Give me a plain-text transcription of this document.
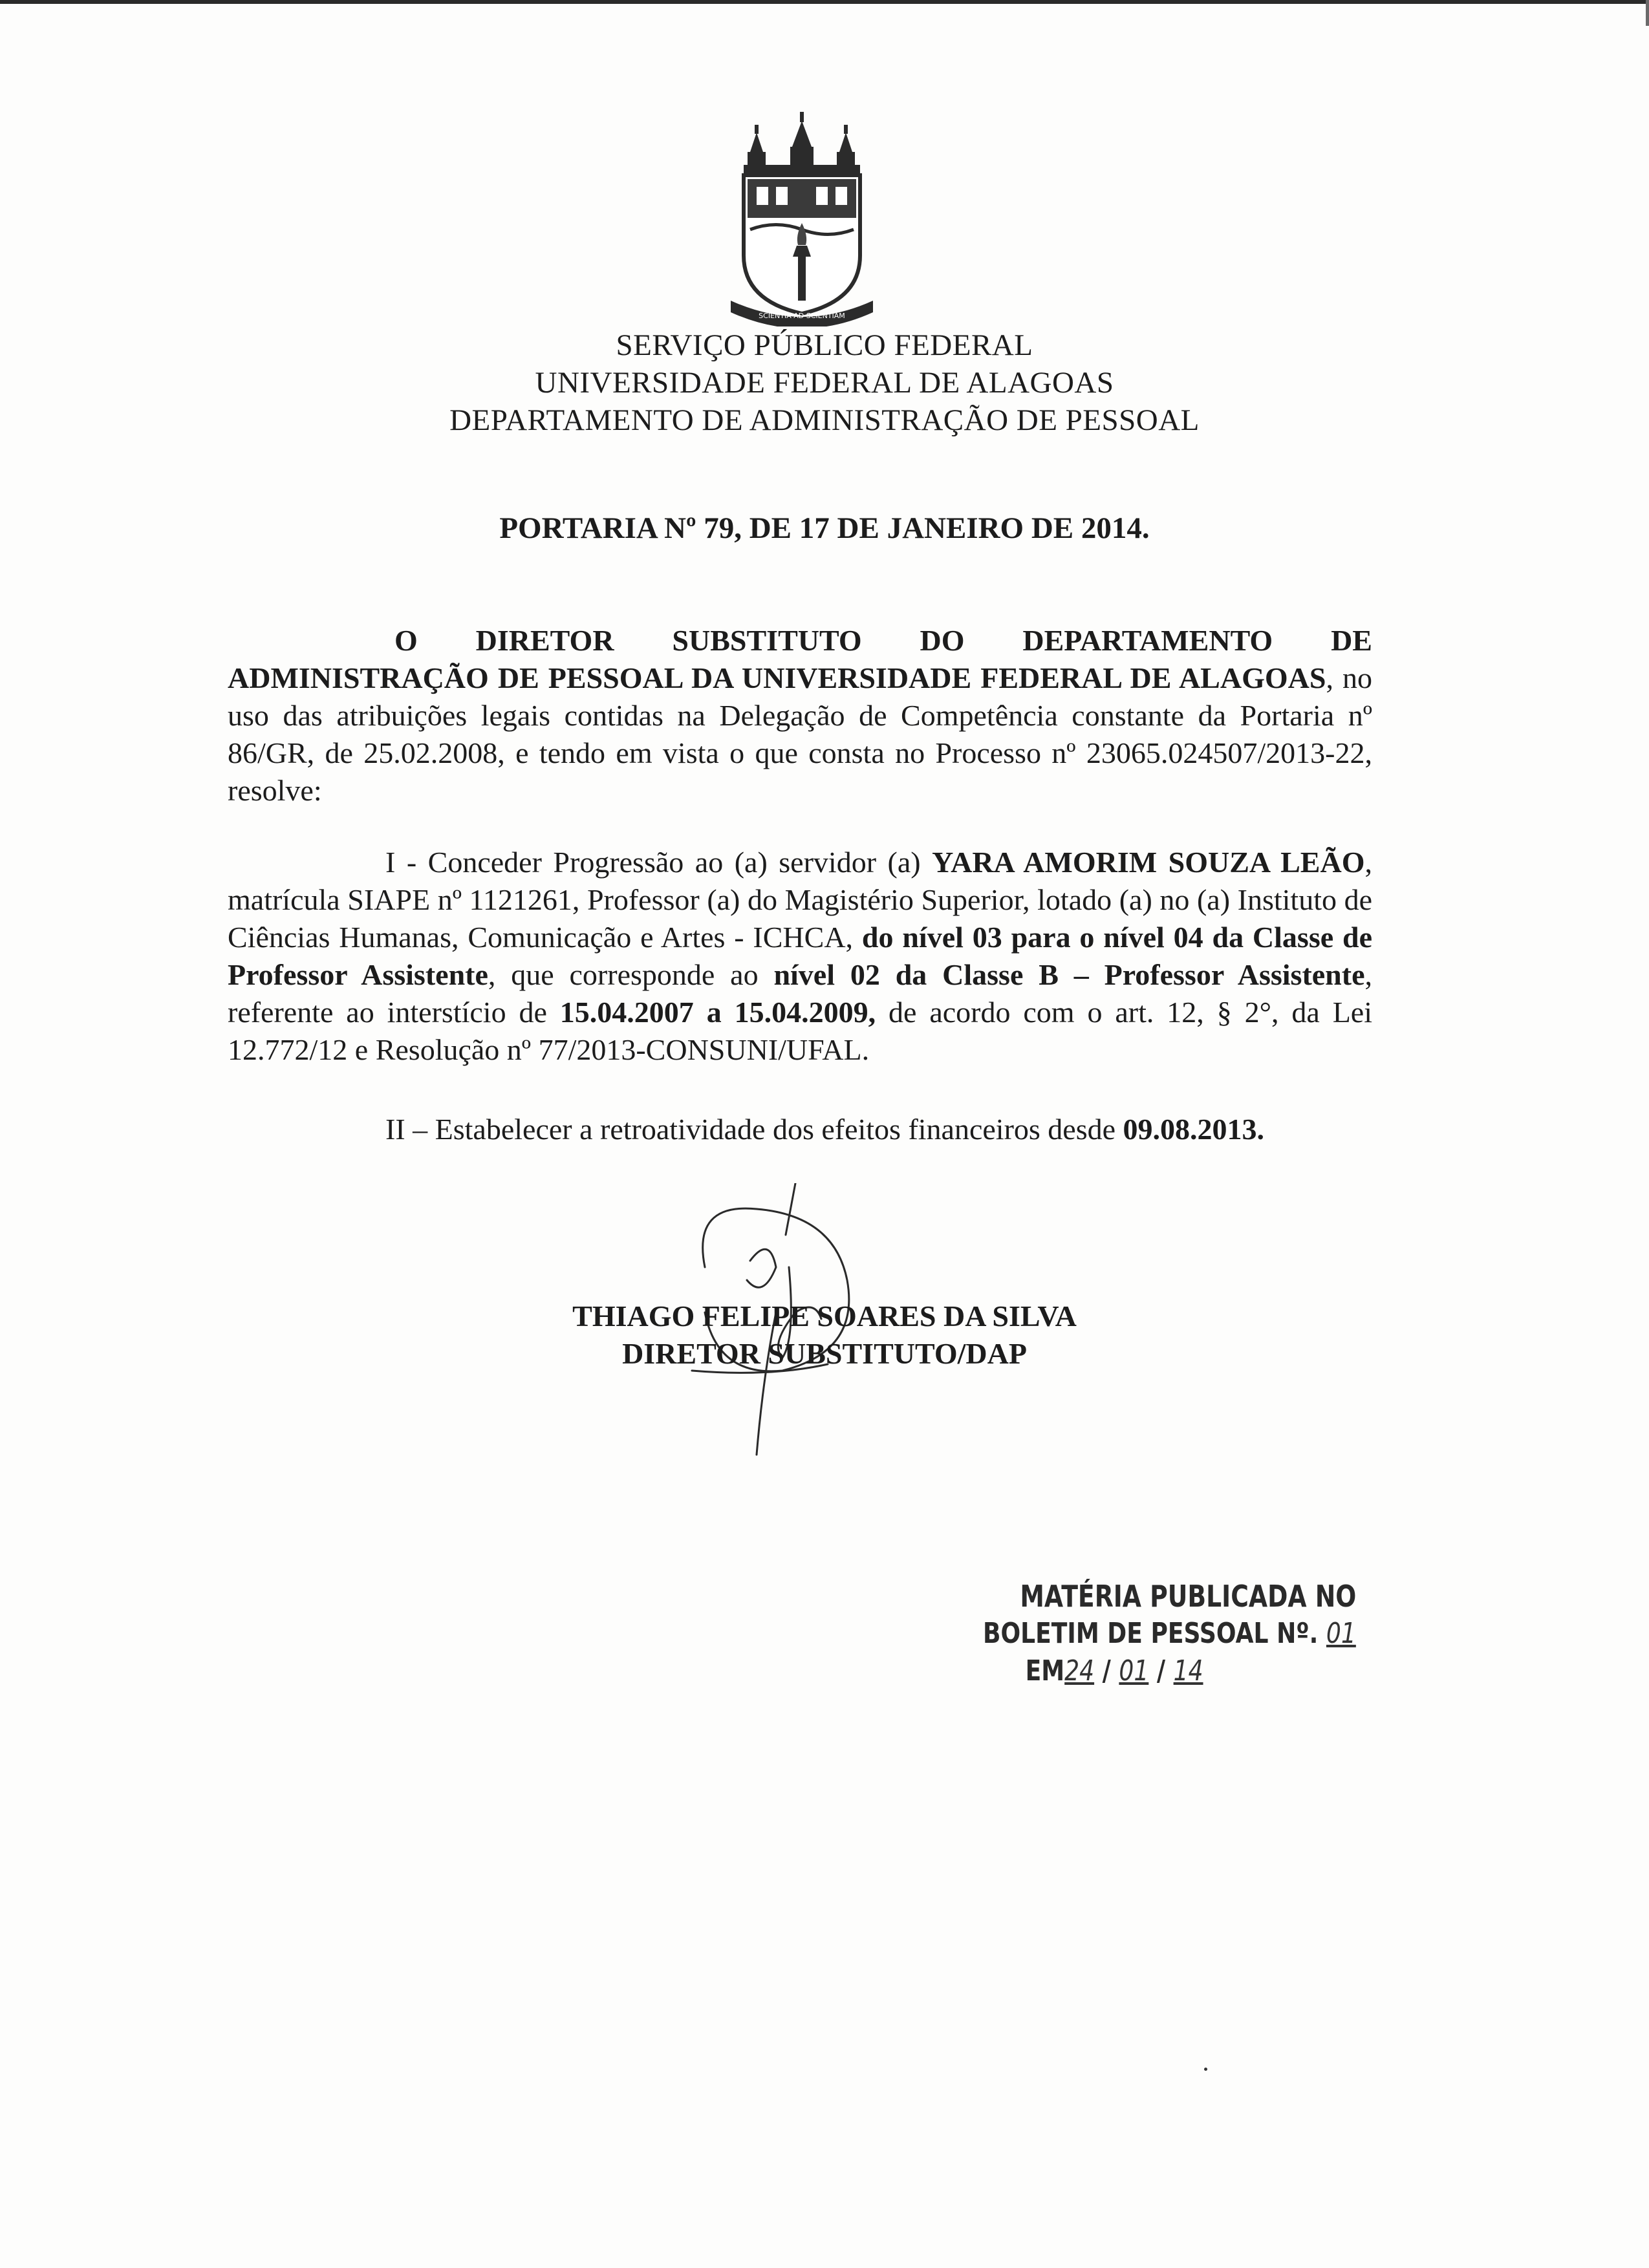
SCIENTIA AD SCIENTIAM
SERVIÇO PÚBLICO FEDERAL
UNIVERSIDADE FEDERAL DE ALAGOAS
DEPARTAMENTO DE ADMINISTRAÇÃO DE PESSOAL
PORTARIA Nº 79, DE 17 DE JANEIRO DE 2014.
O DIRETOR SUBSTITUTO DO DEPARTAMENTO DE ADMINISTRAÇÃO DE PESSOAL DA UNIVERSIDADE FEDERAL DE ALAGOAS, no uso das atribuições legais contidas na Delegação de Competência constante da Portaria nº 86/GR, de 25.02.2008, e tendo em vista o que consta no Processo nº 23065.024507/2013-22, resolve:
I - Conceder Progressão ao (a) servidor (a) YARA AMORIM SOUZA LEÃO, matrícula SIAPE nº 1121261, Professor (a) do Magistério Superior, lotado (a) no (a) Instituto de Ciências Humanas, Comunicação e Artes - ICHCA, do nível 03 para o nível 04 da Classe de Professor Assistente, que corresponde ao nível 02 da Classe B – Professor Assistente, referente ao interstício de 15.04.2007 a 15.04.2009, de acordo com o art. 12, § 2°, da Lei 12.772/12 e Resolução nº 77/2013-CONSUNI/UFAL.
II – Estabelecer a retroatividade dos efeitos financeiros desde 09.08.2013.
THIAGO FELIPE SOARES DA SILVA
DIRETOR SUBSTITUTO/DAP
MATÉRIA PUBLICADA NO
BOLETIM DE PESSOAL Nº. 01
EM24 / 01 / 14
